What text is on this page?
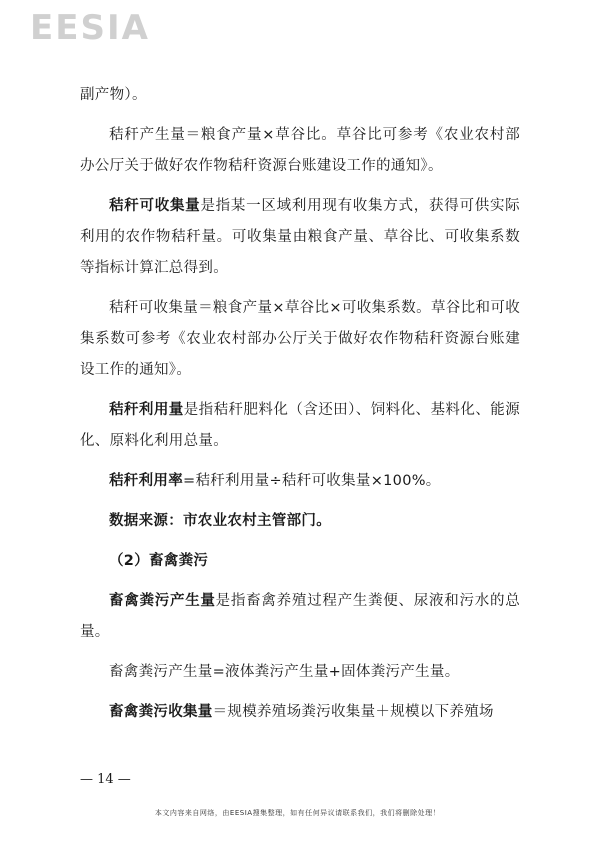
EESIA

副产物）。

秸秆产生量＝粮食产量×草谷比。草谷比可参考《农业农村部办公厅关于做好农作物秸秆资源台账建设工作的通知》。

秸秆可收集量是指某一区域利用现有收集方式，获得可供实际利用的农作物秸秆量。可收集量由粮食产量、草谷比、可收集系数等指标计算汇总得到。

秸秆可收集量＝粮食产量×草谷比×可收集系数。草谷比和可收集系数可参考《农业农村部办公厅关于做好农作物秸秆资源台账建设工作的通知》。

秸秆利用量是指秸秆肥料化（含还田）、饲料化、基料化、能源化、原料化利用总量。

秸秆利用率=秸秆利用量÷秸秆可收集量×100%。

数据来源：市农业农村主管部门。

（2）畜禽粪污

畜禽粪污产生量是指畜禽养殖过程产生粪便、尿液和污水的总量。

畜禽粪污产生量=液体粪污产生量+固体粪污产生量。

畜禽粪污收集量＝规模养殖场粪污收集量＋规模以下养殖场

— 14 —
本文内容来自网络，由EESIA搜集整理，如有任何异议请联系我们，我们将删除处理！
